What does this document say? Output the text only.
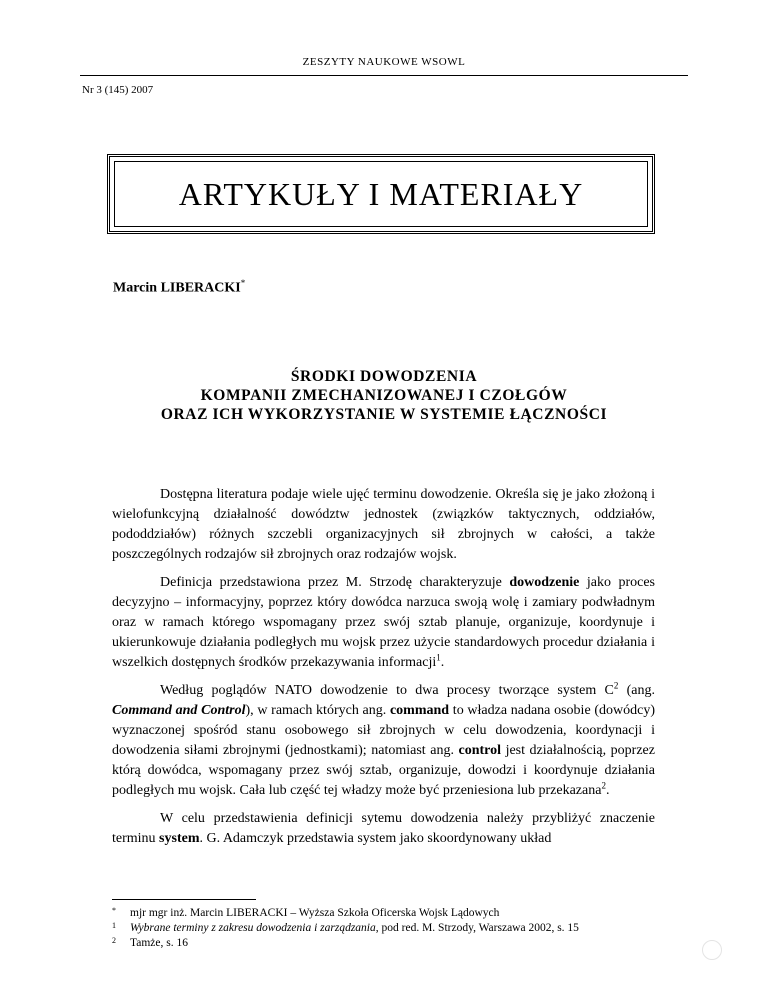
ZESZYTY NAUKOWE WSOWL
Nr 3 (145) 2007
ARTYKUŁY I MATERIAŁY
Marcin LIBERACKI*
ŚRODKI DOWODZENIA
KOMPANII ZMECHANIZOWANEJ I CZOŁGÓW
ORAZ ICH WYKORZYSTANIE W SYSTEMIE ŁĄCZNOŚCI

Dostępna literatura podaje wiele ujęć terminu dowodzenie. Określa się je jako złożoną i wielofunkcyjną działalność dowództw jednostek (związków taktycznych, oddziałów, pododdziałów) różnych szczebli organizacyjnych sił zbrojnych w całości, a także poszczególnych rodzajów sił zbrojnych oraz rodzajów wojsk.

Definicja przedstawiona przez M. Strzodę charakteryzuje dowodzenie jako proces decyzyjno – informacyjny, poprzez który dowódca narzuca swoją wolę i zamiary podwładnym oraz w ramach którego wspomagany przez swój sztab planuje, organizuje, koordynuje i ukierunkowuje działania podległych mu wojsk przez użycie standardowych procedur działania i wszelkich dostępnych środków przekazywania informacji$^1$.

Według poglądów NATO dowodzenie to dwa procesy tworzące system $C^2$ (ang. Command and Control), w ramach których ang. command to władza nadana osobie (dowódcy) wyznaczonej spośród stanu osobowego sił zbrojnych w celu dowodzenia, koordynacji i dowodzenia siłami zbrojnymi (jednostkami); natomiast ang. control jest działalnością, poprzez którą dowódca, wspomagany przez swój sztab, organizuje, dowodzi i koordynuje działania podległych mu wojsk. Cała lub część tej władzy może być przeniesiona lub przekazana$^2$.

W celu przedstawienia definicji sytemu dowodzenia należy przybliżyć znaczenie terminu system. G. Adamczyk przedstawia system jako skoordynowany układ

*	mjr mgr inż. Marcin LIBERACKI – Wyższa Szkoła Oficerska Wojsk Lądowych
1	Wybrane terminy z zakresu dowodzenia i zarządzania, pod red. M. Strzody, Warszawa 2002, s. 15
2	Tamże, s. 16
